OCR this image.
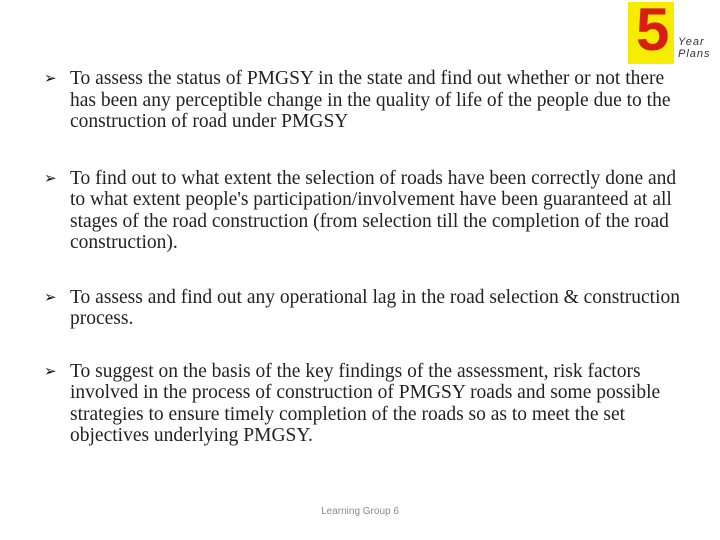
5 Year
Plans
➢ To assess the status of PMGSY in the state and find out whether or not there has been any perceptible change in the quality of life of the people due to the construction of road under PMGSY
➢ To find out to what extent the selection of roads have been correctly done and to what extent people's participation/involvement have been guaranteed at all stages of the road construction (from selection till the completion of the road construction).
➢ To assess and find out any operational lag in the road selection & construction process.
➢ To suggest on the basis of the key findings of the assessment, risk factors involved in the process of construction of PMGSY roads and some possible strategies to ensure timely completion of the roads so as to meet the set objectives underlying PMGSY.
Learning Group 6
